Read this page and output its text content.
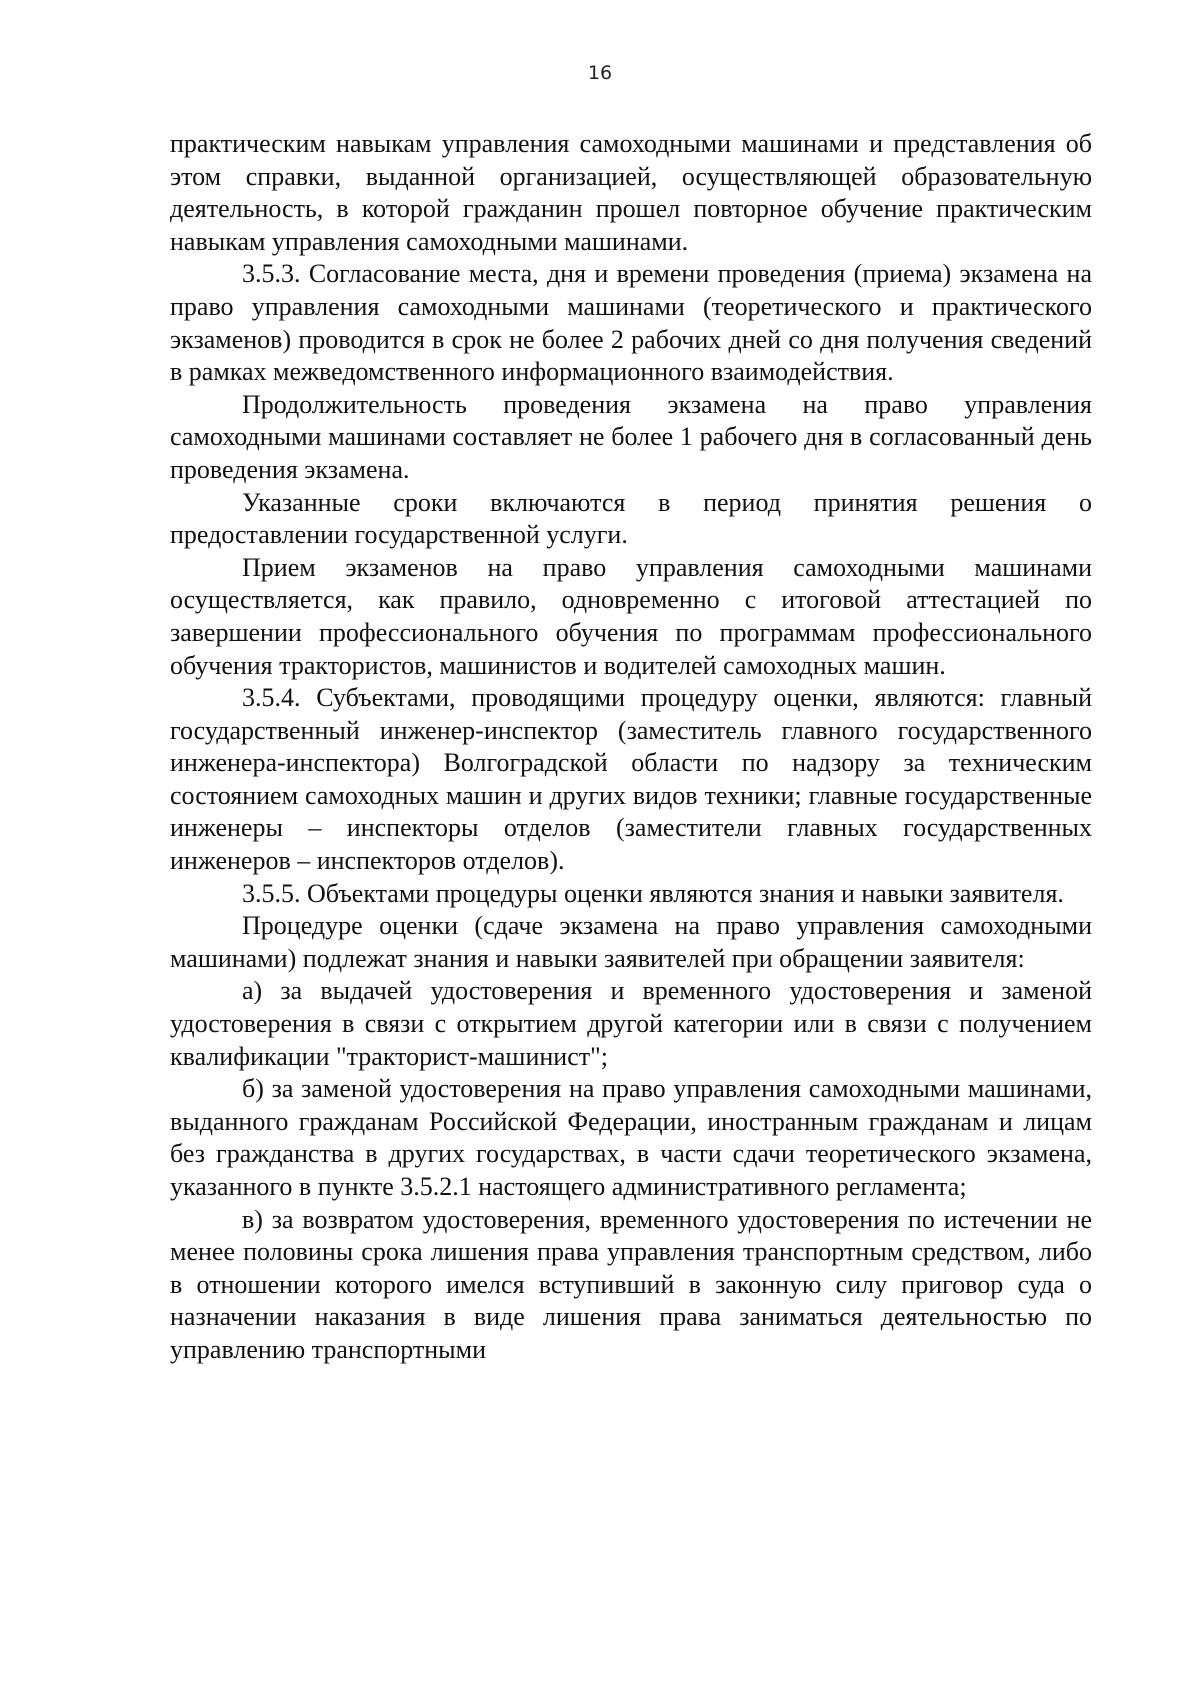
16

практическим навыкам управления самоходными машинами и представления об этом справки, выданной организацией, осуществляющей образовательную деятельность, в которой гражданин прошел повторное обучение практическим навыкам управления самоходными машинами.

3.5.3. Согласование места, дня и времени проведения (приема) экзамена на право управления самоходными машинами (теоретического и практического экзаменов) проводится в срок не более 2 рабочих дней со дня получения сведений в рамках межведомственного информационного взаимодействия.

Продолжительность проведения экзамена на право управления самоходными машинами составляет не более 1 рабочего дня в согласованный день проведения экзамена.

Указанные сроки включаются в период принятия решения о предоставлении государственной услуги.

Прием экзаменов на право управления самоходными машинами осуществляется, как правило, одновременно с итоговой аттестацией по завершении профессионального обучения по программам профессионального обучения трактористов, машинистов и водителей самоходных машин.

3.5.4. Субъектами, проводящими процедуру оценки, являются: главный государственный инженер-инспектор (заместитель главного государственного инженера-инспектора) Волгоградской области по надзору за техническим состоянием самоходных машин и других видов техники; главные государственные инженеры – инспекторы отделов (заместители главных государственных инженеров – инспекторов отделов).

3.5.5. Объектами процедуры оценки являются знания и навыки заявителя.

Процедуре оценки (сдаче экзамена на право управления самоходными машинами) подлежат знания и навыки заявителей при обращении заявителя:

а) за выдачей удостоверения и временного удостоверения и заменой удостоверения в связи с открытием другой категории или в связи с получением квалификации "тракторист-машинист";

б) за заменой удостоверения на право управления самоходными машинами, выданного гражданам Российской Федерации, иностранным гражданам и лицам без гражданства в других государствах, в части сдачи теоретического экзамена, указанного в пункте 3.5.2.1 настоящего административного регламента;

в) за возвратом удостоверения, временного удостоверения по истечении не менее половины срока лишения права управления транспортным средством, либо в отношении которого имелся вступивший в законную силу приговор суда о назначении наказания в виде лишения права заниматься деятельностью по управлению транспортными
